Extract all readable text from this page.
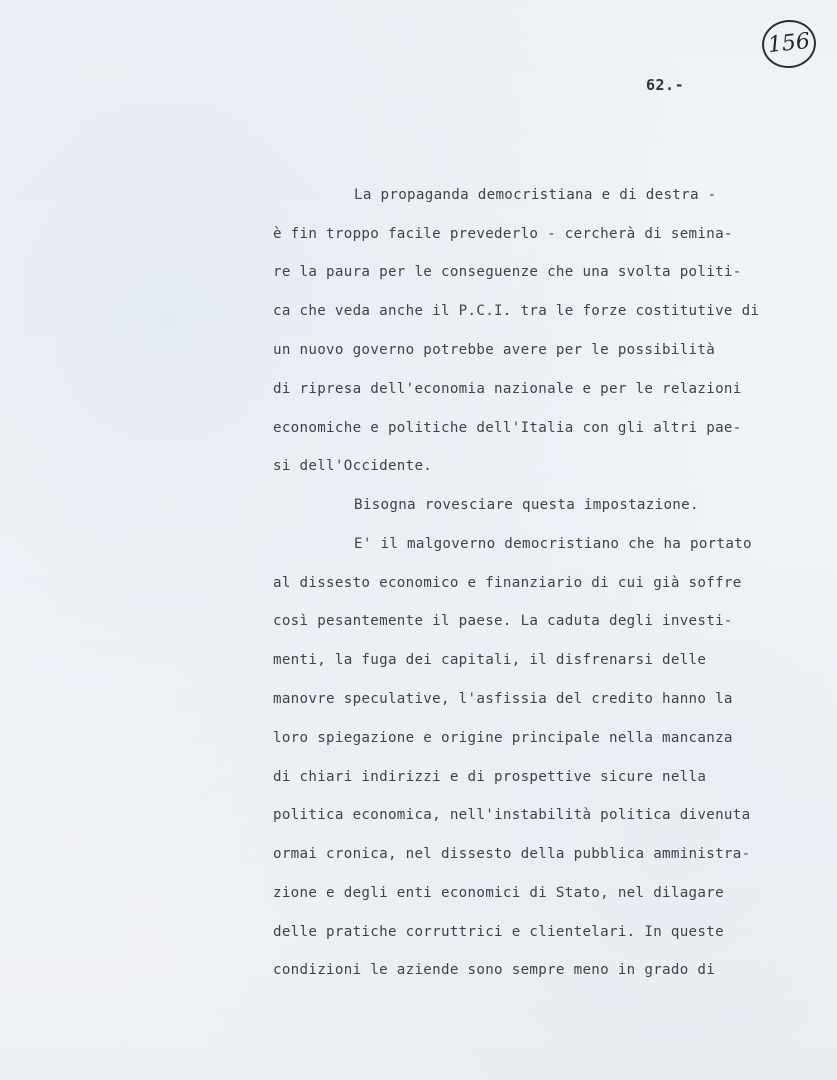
156
62.-
La propaganda democristiana e di destra -
è fin troppo facile prevederlo - cercherà di semina-
re la paura per le conseguenze che una svolta politi-
ca che veda anche il P.C.I. tra le forze costitutive di
un nuovo governo potrebbe avere per le possibilità
di ripresa dell'economia nazionale e per le relazioni
economiche e politiche dell'Italia con gli altri pae-
si dell'Occidente.
Bisogna rovesciare questa impostazione.
E' il malgoverno democristiano che ha portato
al dissesto economico e finanziario di cui già soffre
così pesantemente il paese. La caduta degli investi-
menti, la fuga dei capitali, il disfrenarsi delle
manovre speculative, l'asfissia del credito hanno la
loro spiegazione e origine principale nella mancanza
di chiari indirizzi e di prospettive sicure nella
politica economica, nell'instabilità politica divenuta
ormai cronica, nel dissesto della pubblica amministra-
zione e degli enti economici di Stato, nel dilagare
delle pratiche corruttrici e clientelari. In queste
condizioni le aziende sono sempre meno in grado di
